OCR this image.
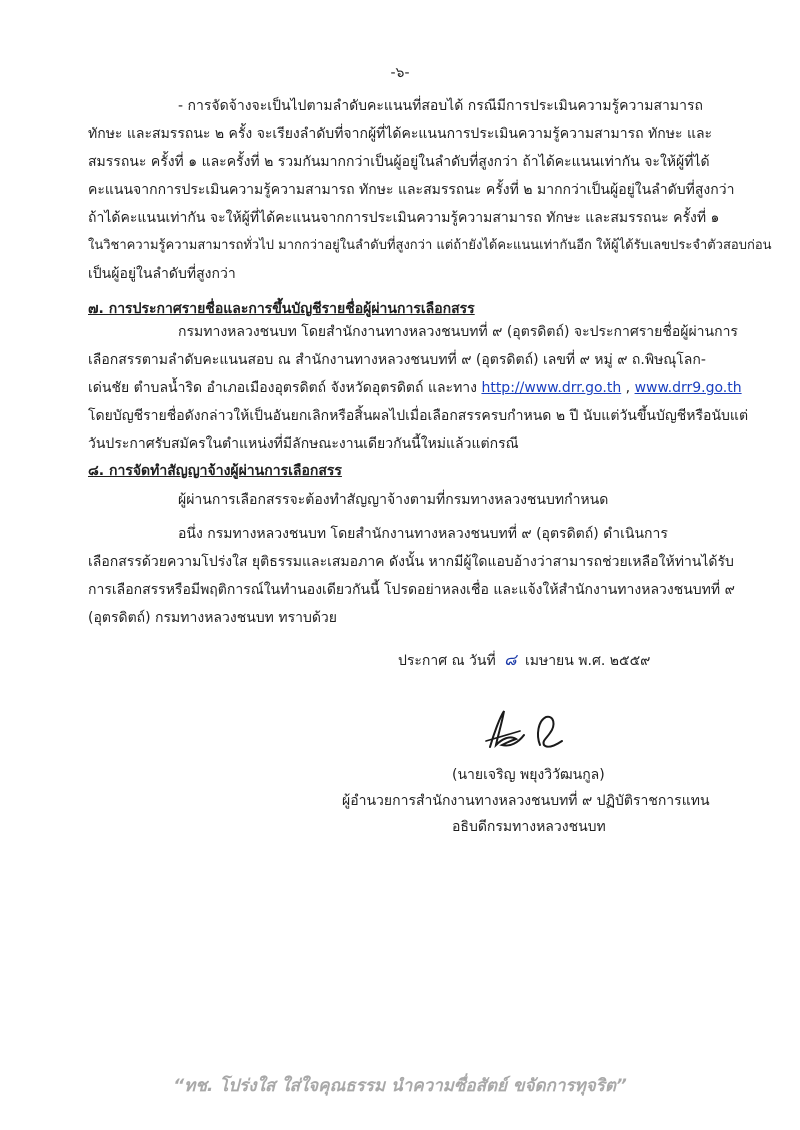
-๖-
- การจัดจ้างจะเป็นไปตามลำดับคะแนนที่สอบได้ กรณีมีการประเมินความรู้ความสามารถ
ทักษะ และสมรรถนะ ๒ ครั้ง จะเรียงลำดับที่จากผู้ที่ได้คะแนนการประเมินความรู้ความสามารถ ทักษะ และ
สมรรถนะ ครั้งที่ ๑ และครั้งที่ ๒ รวมกันมากกว่าเป็นผู้อยู่ในลำดับที่สูงกว่า ถ้าได้คะแนนเท่ากัน จะให้ผู้ที่ได้
คะแนนจากการประเมินความรู้ความสามารถ ทักษะ และสมรรถนะ ครั้งที่ ๒ มากกว่าเป็นผู้อยู่ในลำดับที่สูงกว่า
ถ้าได้คะแนนเท่ากัน จะให้ผู้ที่ได้คะแนนจากการประเมินความรู้ความสามารถ ทักษะ และสมรรถนะ ครั้งที่ ๑
ในวิชาความรู้ความสามารถทั่วไป มากกว่าอยู่ในลำดับที่สูงกว่า แต่ถ้ายังได้คะแนนเท่ากันอีก ให้ผู้ได้รับเลขประจำตัวสอบก่อน
เป็นผู้อยู่ในลำดับที่สูงกว่า
๗. การประกาศรายชื่อและการขึ้นบัญชีรายชื่อผู้ผ่านการเลือกสรร
กรมทางหลวงชนบท โดยสำนักงานทางหลวงชนบทที่ ๙ (อุตรดิตถ์) จะประกาศรายชื่อผู้ผ่านการ
เลือกสรรตามลำดับคะแนนสอบ ณ สำนักงานทางหลวงชนบทที่ ๙ (อุตรดิตถ์) เลขที่ ๙ หมู่ ๙ ถ.พิษณุโลก-
เด่นชัย ตำบลน้ำริด อำเภอเมืองอุตรดิตถ์ จังหวัดอุตรดิตถ์ และทาง http://www.drr.go.th , www.drr9.go.th
โดยบัญชีรายชื่อดังกล่าวให้เป็นอันยกเลิกหรือสิ้นผลไปเมื่อเลือกสรรครบกำหนด ๒ ปี นับแต่วันขึ้นบัญชีหรือนับแต่
วันประกาศรับสมัครในตำแหน่งที่มีลักษณะงานเดียวกันนี้ใหม่แล้วแต่กรณี
๘. การจัดทำสัญญาจ้างผู้ผ่านการเลือกสรร
ผู้ผ่านการเลือกสรรจะต้องทำสัญญาจ้างตามที่กรมทางหลวงชนบทกำหนด
อนึ่ง กรมทางหลวงชนบท โดยสำนักงานทางหลวงชนบทที่ ๙ (อุตรดิตถ์) ดำเนินการ
เลือกสรรด้วยความโปร่งใส ยุติธรรมและเสมอภาค ดังนั้น หากมีผู้ใดแอบอ้างว่าสามารถช่วยเหลือให้ท่านได้รับ
การเลือกสรรหรือมีพฤติการณ์ในทำนองเดียวกันนี้ โปรดอย่าหลงเชื่อ และแจ้งให้สำนักงานทางหลวงชนบทที่ ๙
(อุตรดิตถ์) กรมทางหลวงชนบท ทราบด้วย
ประกาศ ณ วันที่ ๘ เมษายน พ.ศ. ๒๕๕๙
(นายเจริญ พยุงวิวัฒนกูล)
ผู้อำนวยการสำนักงานทางหลวงชนบทที่ ๙ ปฏิบัติราชการแทน
อธิบดีกรมทางหลวงชนบท
“ทช. โปร่งใส ใส่ใจคุณธรรม นำความซื่อสัตย์ ขจัดการทุจริต”
